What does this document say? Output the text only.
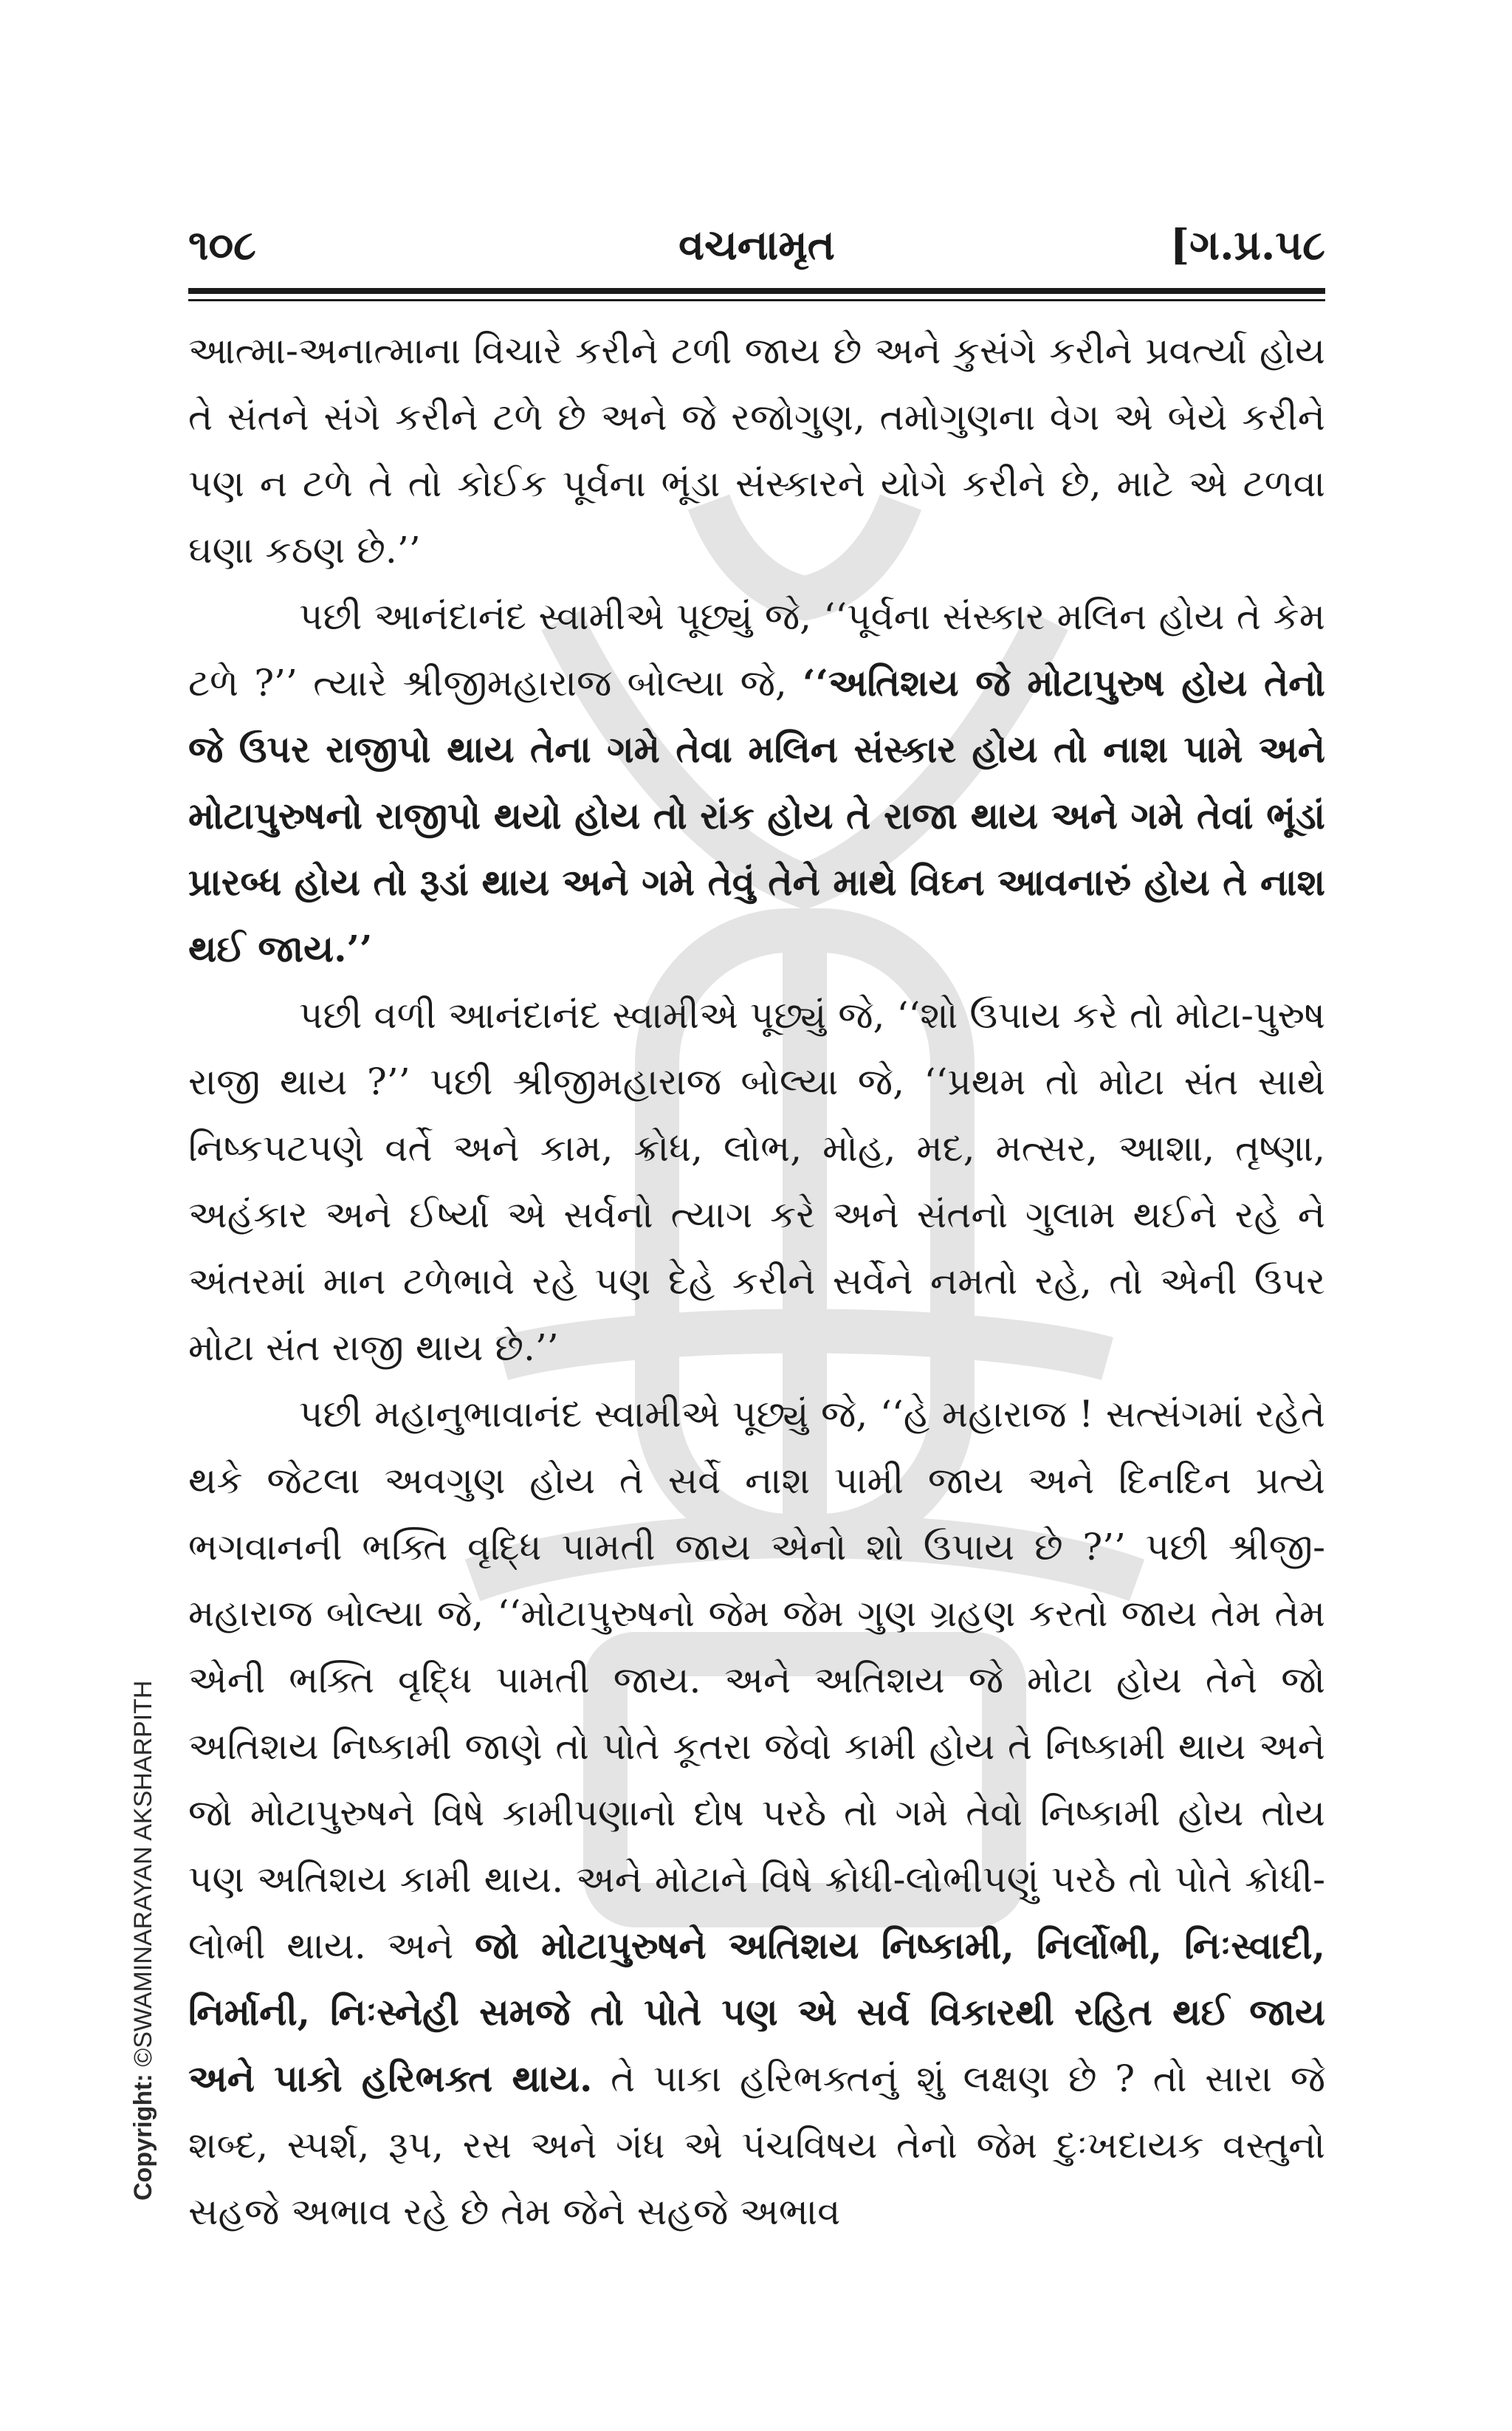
૧૦૮	વચનામૃત	[ગ.પ્ર.૫૮

આત્મા-અનાત્માના વિચારે કરીને ટળી જાય છે અને કુસંગે કરીને પ્રવર્ત્યા હોય તે સંતને સંગે કરીને ટળે છે અને જે રજોગુણ, તમોગુણના વેગ એ બેયે કરીને પણ ન ટળે તે તો કોઈક પૂર્વના ભૂંડા સંસ્કારને યોગે કરીને છે, માટે એ ટળવા ઘણા કઠણ છે.’’

પછી આનંદાનંદ સ્વામીએ પૂછ્યું જે, ‘‘પૂર્વના સંસ્કાર મલિન હોય તે કેમ ટળે ?’’ ત્યારે શ્રીજીમહારાજ બોલ્યા જે, ‘‘અતિશય જે મોટાપુરુષ હોય તેનો જે ઉપર રાજીપો થાય તેના ગમે તેવા મલિન સંસ્કાર હોય તો નાશ પામે અને મોટાપુરુષનો રાજીપો થયો હોય તો રાંક હોય તે રાજા થાય અને ગમે તેવાં ભૂંડાં પ્રારબ્ધ હોય તો રૂડાં થાય અને ગમે તેવું તેને માથે વિઘ્ન આવનારું હોય તે નાશ થઈ જાય.’’

પછી વળી આનંદાનંદ સ્વામીએ પૂછ્યું જે, ‘‘શો ઉપાય કરે તો મોટા-પુરુષ રાજી થાય ?’’ પછી શ્રીજીમહારાજ બોલ્યા જે, ‘‘પ્રથમ તો મોટા સંત સાથે નિષ્કપટપણે વર્તે અને કામ, ક્રોધ, લોભ, મોહ, મદ, મત્સર, આશા, તૃષ્ણા, અહંકાર અને ઈર્ષ્યા એ સર્વનો ત્યાગ કરે અને સંતનો ગુલામ થઈને રહે ને અંતરમાં માન ટળેભાવે રહે પણ દેહે કરીને સર્વેને નમતો રહે, તો એની ઉપર મોટા સંત રાજી થાય છે.’’

પછી મહાનુભાવાનંદ સ્વામીએ પૂછ્યું જે, ‘‘હે મહારાજ ! સત્સંગમાં રહેતે થકે જેટલા અવગુણ હોય તે સર્વે નાશ પામી જાય અને દિનદિન પ્રત્યે ભગવાનની ભક્તિ વૃદ્ધિ પામતી જાય એનો શો ઉપાય છે ?’’ પછી શ્રીજી-મહારાજ બોલ્યા જે, ‘‘મોટાપુરુષનો જેમ જેમ ગુણ ગ્રહણ કરતો જાય તેમ તેમ એની ભક્તિ વૃદ્ધિ પામતી જાય. અને અતિશય જે મોટા હોય તેને જો અતિશય નિષ્કામી જાણે તો પોતે કૂતરા જેવો કામી હોય તે નિષ્કામી થાય અને જો મોટાપુરુષને વિષે કામીપણાનો દોષ પરઠે તો ગમે તેવો નિષ્કામી હોય તોય પણ અતિશય કામી થાય. અને મોટાને વિષે ક્રોધી-લોભીપણું પરઠે તો પોતે ક્રોધી-લોભી થાય. અને જો મોટાપુરુષને અતિશય નિષ્કામી, નિર્લોભી, નિઃસ્વાદી, નિર્માની, નિઃસ્નેહી સમજે તો પોતે પણ એ સર્વ વિકારથી રહિત થઈ જાય અને પાકો હરિભક્ત થાય. તે પાકા હરિભક્તનું શું લક્ષણ છે ? તો સારા જે શબ્દ, સ્પર્શ, રૂપ, રસ અને ગંધ એ પંચવિષય તેનો જેમ દુઃખદાયક વસ્તુનો સહજે અભાવ રહે છે તેમ જેને સહજે અભાવ

Copyright: ©SWAMINARAYAN AKSHARPITH
